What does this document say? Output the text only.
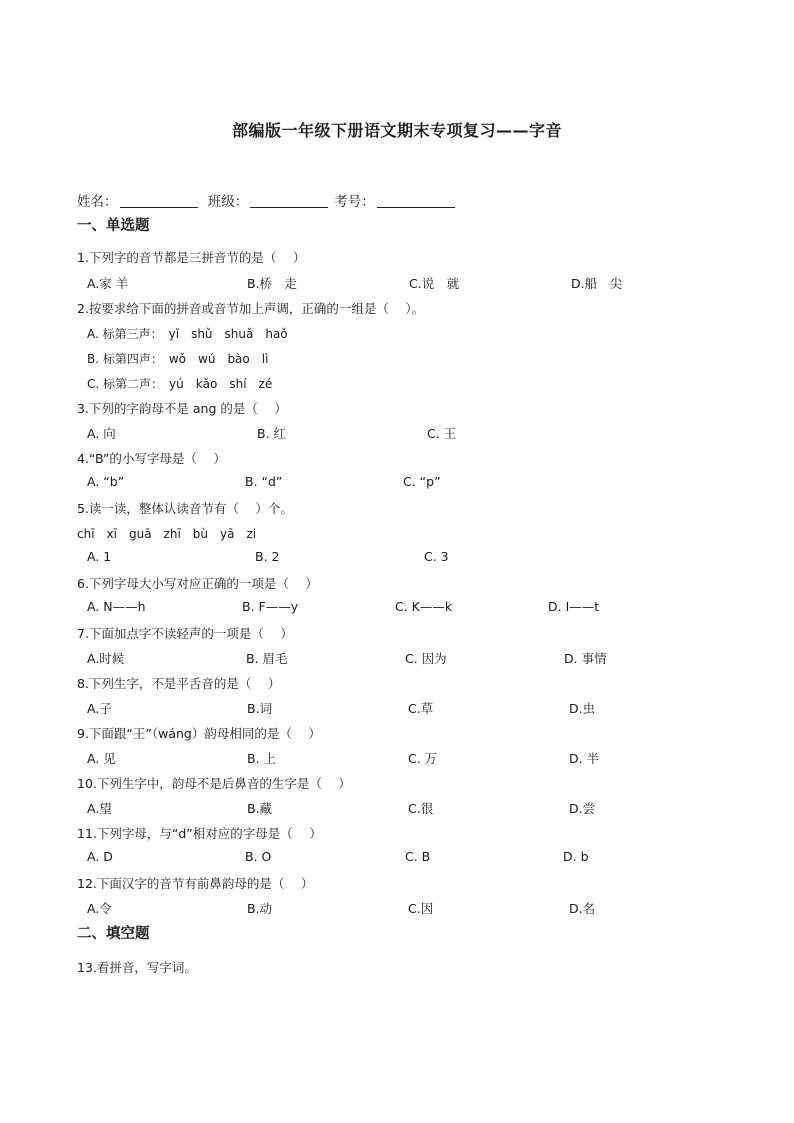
部编版一年级下册语文期末专项复习——字音
姓名：	班级：	考号：
一、单选题
1.下列字的音节都是三拼音节的是（　 ）
A.家 羊	B.桥　走	C.说　就	D.船　尖
2.按要求给下面的拼音或音节加上声调，正确的一组是（　 ）。
A. 标第三声：　yǐ　shǔ　shuǎ　haǒ
B. 标第四声：　wǒ　wú　bào　lì
C. 标第二声：　yú　kǎo　shí　zé
3.下列的字韵母不是 ang 的是（　 ）
A. 向	B. 红	C. 王
4.“B”的小写字母是（　 ）
A. “b”	B. “d”	C. “p”
5.读一读，整体认读音节有（　 ）个。
chī　xī　guā　zhī　bù　yā　zi
A. 1	B. 2	C. 3
6.下列字母大小写对应正确的一项是（　 ）
A. N——h	B. F——y	C. K——k	D. I——t
7.下面加点字不读轻声的一项是（　 ）
A.时候	B. 眉毛	C. 因为	D. 事情
8.下列生字，不是平舌音的是（　 ）
A.子	B.词	C.草	D.虫
9.下面跟“王”（wáng）韵母相同的是（　 ）
A. 见	B. 上	C. 万	D. 半
10.下列生字中，韵母不是后鼻音的生字是（　 ）
A.望	B.藏	C.很	D.尝
11.下列字母，与“d”相对应的字母是（　 ）
A. D	B. O	C. B	D. b
12.下面汉字的音节有前鼻韵母的是（　 ）
A.令	B.动	C.因	D.名
二、填空题
13.看拼音，写字词。
